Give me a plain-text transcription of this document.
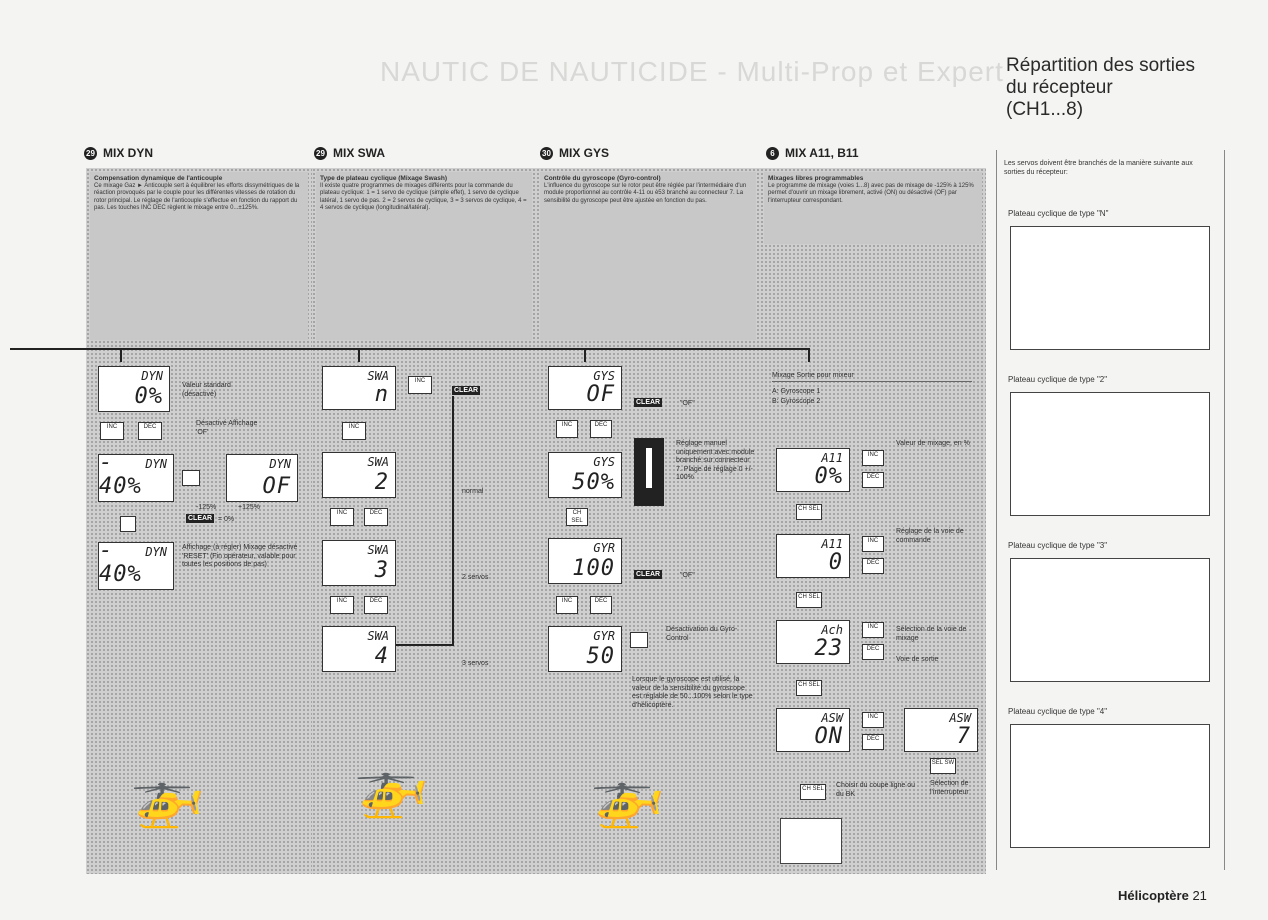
NAUTIC DE NAUTICIDE - Multi-Prop et Expert Répartition des sorties
du récepteur
(CH1...8)
29 MIX DYN	29 MIX SWA	30 MIX GYS	6 MIX A11, B11
Compensation dynamique de l'anticouple
Ce mixage Gaz ► Anticouple sert à équilibrer les efforts dissymétriques de la réaction provoqués par le couple pour les différentes vitesses de rotation du rotor principal. Le réglage de l'anticouple s'effectue en fonction du rapport du pas. Les touches INC DEC règlent le mixage entre 0...±125%.
Type de plateau cyclique (Mixage Swash)
Il existe quatre programmes de mixages différents pour la commande du plateau cyclique: 1 = 1 servo de cyclique (simple effet), 1 servo de cyclique latéral, 1 servo de pas. 2 = 2 servos de cyclique, 3 = 3 servos de cyclique, 4 = 4 servos de cyclique (longitudinal/latéral).
Contrôle du gyroscope (Gyro-control)
L'influence du gyroscope sur le rotor peut être réglée par l'intermédiaire d'un module proportionnel au contrôle 4-11 ou è53 branché au connecteur 7. La sensibilité du gyroscope peut être ajustée en fonction du pas.
Mixages libres programmables
Le programme de mixage (voies 1...8) avec pas de mixage de -125% à 125% permet d'ouvrir un mixage librement, activé (ON) ou désactivé (OF) par l'interrupteur correspondant.
DYN
0%	Valeur standard (désactivé)
INC	DEC	Désactivé Affichage 'OF'
DYN
- 40%
DYN
OF
-125%
CLEAR = 0%
+125%
DYN
- 40%
Affichage (à régler) Mixage désactivé 'RESET' (Fin opérateur, valable pour toutes les positions de pas)
🚁
SWA
n
INC
CLEAR
INC
SWA
2	normal
INC	DEC
SWA
3	2 servos
INC	DEC
SWA
4	3 servos
🚁
GYS
OF	CLEAR	"OF"
INC	DEC
Réglage manuel uniquement avec module branché sur connecteur 7. Plage de réglage 0 +/- 100%
GYS
50%
CH SEL
GYR
100	CLEAR	"OF"
INC	DEC
GYR
50
Désactivation du Gyro-Control
Lorsque le gyroscope est utilisé, la valeur de la sensibilité du gyroscope est réglable de 50...100% selon le type d'hélicoptère.
🚁
Mixage Sortie pour mixeur
A: Gyroscope 1
B: Gyroscope 2
A11
0%
INC
DEC
Valeur de mixage, en %
CH SEL
A11
0
INC
DEC
Réglage de la voie de commande
CH SEL
Ach
23
INC
DEC
Sélection de la voie de mixage
Voie de sortie
CH SEL
ASW
ON
INC
DEC
ASW
7
SEL SW
Sélection de l'interrupteur
CH SEL	Choisir du coupe ligne ou du BK
Les servos doivent être branchés de la manière suivante aux sorties du récepteur:
Plateau cyclique de type "N"
Plateau cyclique de type "2"
Plateau cyclique de type "3"
Plateau cyclique de type "4"
Hélicoptère 21
